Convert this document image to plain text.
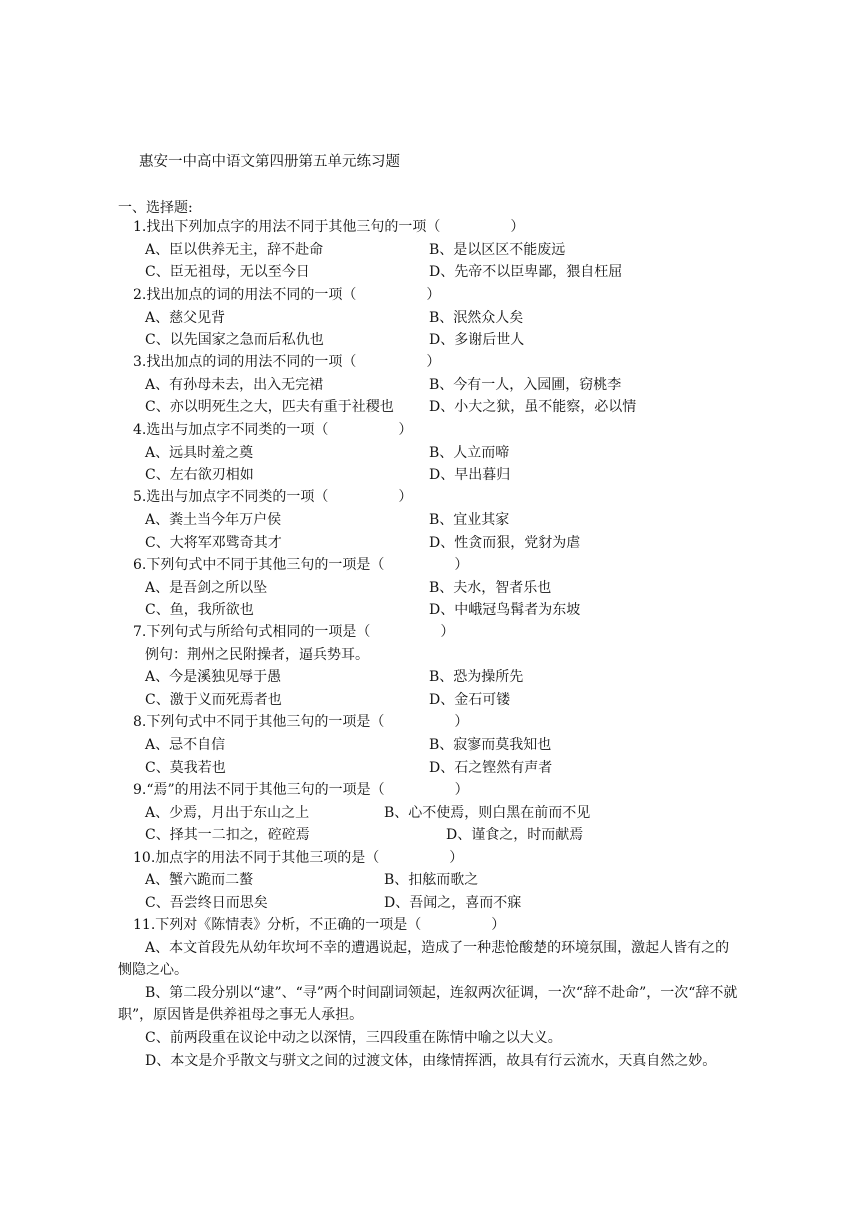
惠安一中高中语文第四册第五单元练习题
一、选择题:
1.找出下列加点字的用法不同于其他三句的一项（　　　　　）
A、臣以供养无主，辞不赴命	B、是以区区不能废远
C、臣无祖母，无以至今日	D、先帝不以臣卑鄙，猥自枉屈
2.找出加点的词的用法不同的一项（　　　　　）
A、慈父见背	B、泯然众人矣
C、以先国家之急而后私仇也	D、多谢后世人
3.找出加点的词的用法不同的一项（　　　　　）
A、有孙母未去，出入无完裙	B、今有一人，入园圃，窃桃李
C、亦以明死生之大，匹夫有重于社稷也	D、小大之狱，虽不能察，必以情
4.选出与加点字不同类的一项（　　　　　）
A、远具时羞之奠	B、人立而啼
C、左右欲刃相如	D、早出暮归
5.选出与加点字不同类的一项（　　　　　）
A、粪土当今年万户侯	B、宜业其家
C、大将军邓骘奇其才	D、性贪而狠，党豺为虐
6.下列句式中不同于其他三句的一项是（　　　　　）
A、是吾剑之所以坠	B、夫水，智者乐也
C、鱼，我所欲也	D、中峨冠鸟髯者为东坡
7.下列句式与所给句式相同的一项是（　　　　　）
例句：荆州之民附操者，逼兵势耳。
A、今是溪独见辱于愚	B、恐为操所先
C、激于义而死焉者也	D、金石可镂
8.下列句式中不同于其他三句的一项是（　　　　　）
A、忌不自信	B、寂寥而莫我知也
C、莫我若也	D、石之铿然有声者
9.“焉”的用法不同于其他三句的一项是（　　　　　）
A、少焉，月出于东山之上	B、心不使焉，则白黑在前而不见
C、择其一二扣之，硿硿焉	D、谨食之，时而献焉
10.加点字的用法不同于其他三项的是（　　　　　）
A、蟹六跪而二螯	B、扣舷而歌之
C、吾尝终日而思矣	D、吾闻之，喜而不寐
11.下列对《陈情表》分析，不正确的一项是（　　　　　）
A、本文首段先从幼年坎坷不幸的遭遇说起，造成了一种悲怆酸楚的环境氛围，激起人皆有之的恻隐之心。
B、第二段分别以“逮”、“寻”两个时间副词领起，连叙两次征调，一次“辞不赴命”，一次“辞不就职”，原因皆是供养祖母之事无人承担。
C、前两段重在议论中动之以深情，三四段重在陈情中喻之以大义。
D、本文是介乎散文与骈文之间的过渡文体，由缘情挥洒，故具有行云流水，天真自然之妙。
